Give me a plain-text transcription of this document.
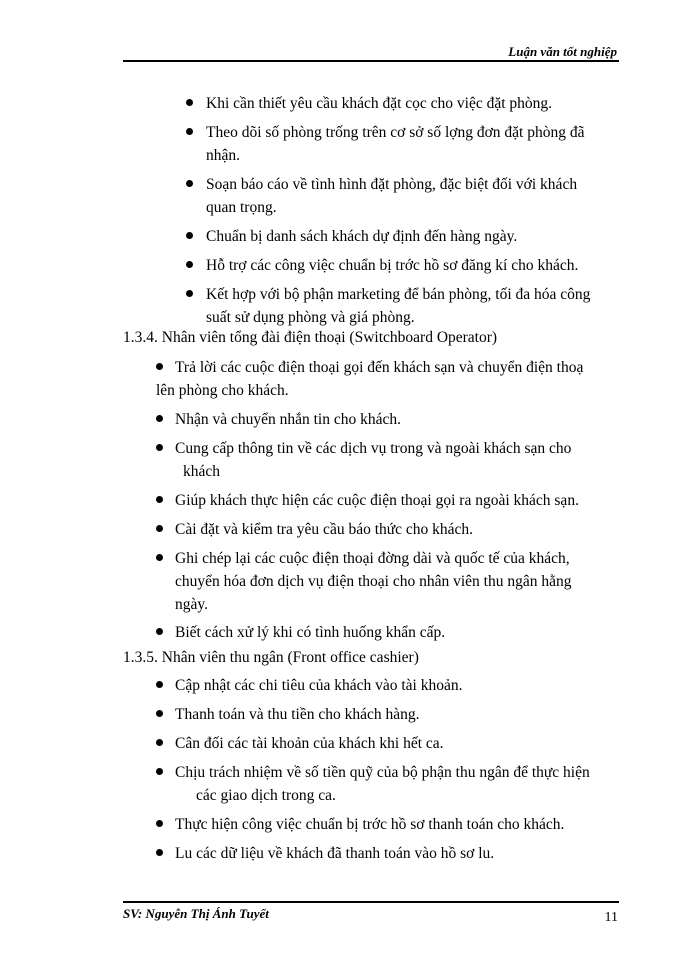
Luận văn tốt nghiệp
Khi cần thiết yêu cầu khách đặt cọc cho việc đặt phòng.
Theo dõi số phòng trống trên cơ sở số lợng đơn đặt phòng đã
nhận.
Soạn báo cáo về tình hình đặt phòng, đặc biệt đối với khách
quan trọng.
Chuẩn bị danh sách khách dự định đến hàng ngày.
Hỗ trợ các công việc chuẩn bị trớc hồ sơ đăng kí cho khách.
Kết hợp với bộ phận marketing để bán phòng, tối đa hóa công
suất sử dụng phòng và giá phòng.
1.3.4. Nhân viên tổng đài điện thoại (Switchboard Operator)
Trả lời các cuộc điện thoại gọi đến khách sạn và chuyển điện thoạ
lên phòng cho khách.
Nhận và chuyển nhắn tin cho khách.
Cung cấp thông tin về các dịch vụ trong và ngoài khách sạn cho
khách
Giúp khách thực hiện các cuộc điện thoại gọi ra ngoài khách sạn.
Cài đặt và kiểm tra yêu cầu báo thức cho khách.
Ghi chép lại các cuộc điện thoại đờng dài và quốc tế của khách,
chuyển hóa đơn dịch vụ điện thoại cho nhân viên thu ngân hằng
ngày.
Biết cách xử lý khi có tình huống khẩn cấp.
1.3.5. Nhân viên thu ngân (Front office cashier)
Cập nhật các chi tiêu của khách vào tài khoản.
Thanh toán và thu tiền cho khách hàng.
Cân đối các tài khoản của khách khi hết ca.
Chịu trách nhiệm về số tiền quỹ của bộ phận thu ngân để thực hiện
các giao dịch trong ca.
Thực hiện công việc chuẩn bị trớc hồ sơ thanh toán cho khách.
Lu các dữ liệu về khách đã thanh toán vào hồ sơ lu.
SV: Nguyễn Thị Ánh Tuyết	11
